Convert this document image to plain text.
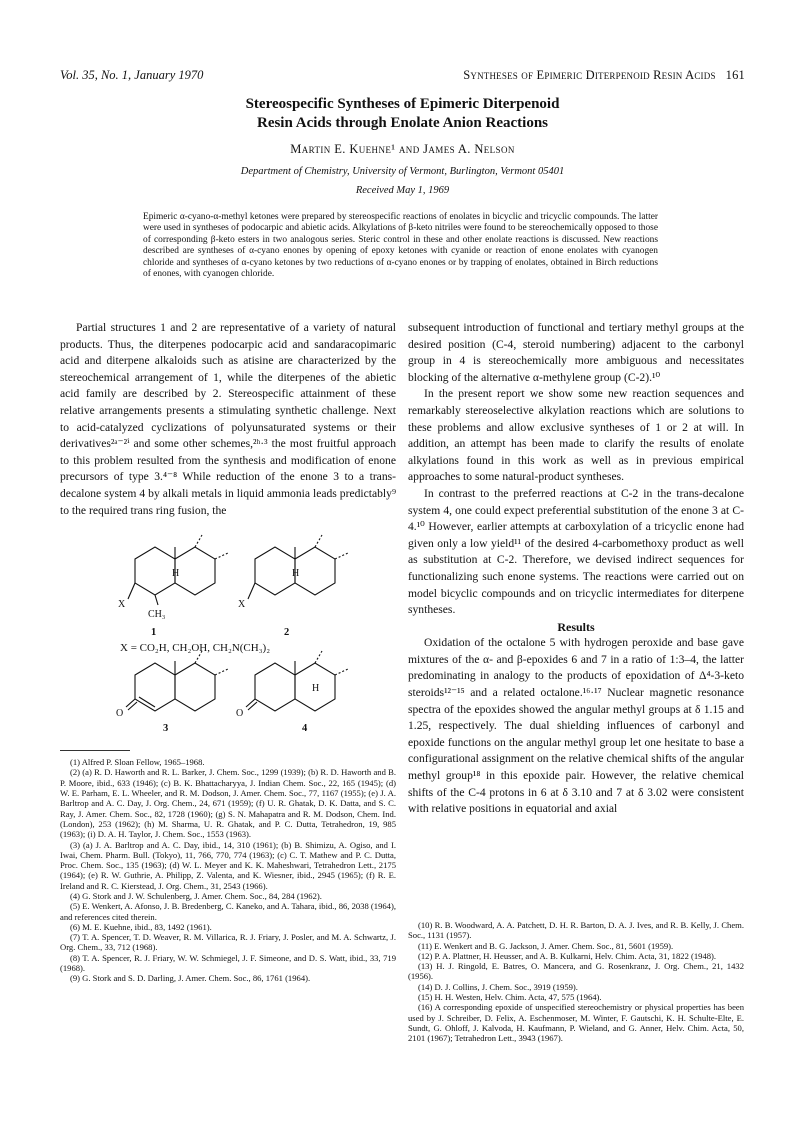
Vol. 35, No. 1, January 1970	Syntheses of Epimeric Diterpenoid Resin Acids 161
Stereospecific Syntheses of Epimeric Diterpenoid
Resin Acids through Enolate Anion Reactions
Martin E. Kuehne¹ and James A. Nelson
Department of Chemistry, University of Vermont, Burlington, Vermont 05401
Received May 1, 1969
Epimeric α-cyano-α-methyl ketones were prepared by stereospecific reactions of enolates in bicyclic and tricyclic compounds. The latter were used in syntheses of podocarpic and abietic acids. Alkylations of β-keto nitriles were found to be stereochemically opposed to those of corresponding β-keto esters in two analogous series. Steric control in these and other enolate reactions is discussed. New reactions described are syntheses of α-cyano enones by opening of epoxy ketones with cyanide or reaction of enone enolates with cyanogen chloride and syntheses of α-cyano ketones by two reductions of α-cyano enones or by trapping of enolates, obtained in Birch reductions of enones, with cyanogen chloride.

Partial structures 1 and 2 are representative of a variety of natural products. Thus, the diterpenes podocarpic acid and sandaracopimaric acid and diterpene alkaloids such as atisine are characterized by the stereochemical arrangement of 1, while the diterpenes of the abietic acid family are described by 2. Stereospecific attainment of these relative arrangements presents a stimulating synthetic challenge. Next to acid-catalyzed cyclizations of polyunsaturated systems or their derivatives²ᵃ⁻²ⁱ and some other schemes,²ʰ·³ the most fruitful approach to this problem resulted from the synthesis and modification of enone precursors of type 3.⁴⁻⁸ While reduction of the enone 3 to a trans-decalone system 4 by alkali metals in liquid ammonia leads predictably⁹ to the required trans ring fusion, the

H	H
H
X
CH₃
X
O	O
1	2
3	4
X = CO₂H, CH₂OH, CH₂N(CH₃)₂
(1) Alfred P. Sloan Fellow, 1965–1968.
(2) (a) R. D. Haworth and R. L. Barker, J. Chem. Soc., 1299 (1939); (b) R. D. Haworth and B. P. Moore, ibid., 633 (1946); (c) B. K. Bhattacharyya, J. Indian Chem. Soc., 22, 165 (1945); (d) W. E. Parham, E. L. Wheeler, and R. M. Dodson, J. Amer. Chem. Soc., 77, 1167 (1955); (e) J. A. Barltrop and A. C. Day, J. Org. Chem., 24, 671 (1959); (f) U. R. Ghatak, D. K. Datta, and S. C. Ray, J. Amer. Chem. Soc., 82, 1728 (1960); (g) S. N. Mahapatra and R. M. Dodson, Chem. Ind. (London), 253 (1962); (h) M. Sharma, U. R. Ghatak, and P. C. Dutta, Tetrahedron, 19, 985 (1963); (i) D. A. H. Taylor, J. Chem. Soc., 1553 (1963).
(3) (a) J. A. Barltrop and A. C. Day, ibid., 14, 310 (1961); (b) B. Shimizu, A. Ogiso, and I. Iwai, Chem. Pharm. Bull. (Tokyo), 11, 766, 770, 774 (1963); (c) C. T. Mathew and P. C. Dutta, Proc. Chem. Soc., 135 (1963); (d) W. L. Meyer and K. K. Maheshwari, Tetrahedron Lett., 2175 (1964); (e) R. W. Guthrie, A. Philipp, Z. Valenta, and K. Wiesner, ibid., 2945 (1965); (f) R. E. Ireland and R. C. Kierstead, J. Org. Chem., 31, 2543 (1966).
(4) G. Stork and J. W. Schulenberg, J. Amer. Chem. Soc., 84, 284 (1962).
(5) E. Wenkert, A. Afonso, J. B. Bredenberg, C. Kaneko, and A. Tahara, ibid., 86, 2038 (1964), and references cited therein.
(6) M. E. Kuehne, ibid., 83, 1492 (1961).
(7) T. A. Spencer, T. D. Weaver, R. M. Villarica, R. J. Friary, J. Posler, and M. A. Schwartz, J. Org. Chem., 33, 712 (1968).
(8) T. A. Spencer, R. J. Friary, W. W. Schmiegel, J. F. Simeone, and D. S. Watt, ibid., 33, 719 (1968).
(9) G. Stork and S. D. Darling, J. Amer. Chem. Soc., 86, 1761 (1964).

subsequent introduction of functional and tertiary methyl groups at the desired position (C-4, steroid numbering) adjacent to the carbonyl group in 4 is stereochemically more ambiguous and necessitates blocking of the alternative α-methylene group (C-2).¹⁰

In the present report we show some new reaction sequences and remarkably stereoselective alkylation reactions which are solutions to these problems and allow exclusive syntheses of 1 or 2 at will. In addition, an attempt has been made to clarify the results of enolate alkylations found in this work as well as in previous empirical approaches to some natural-product syntheses.

In contrast to the preferred reactions at C-2 in the trans-decalone system 4, one could expect preferential substitution of the enone 3 at C-4.¹⁰ However, earlier attempts at carboxylation of a tricyclic enone had given only a low yield¹¹ of the desired 4-carbomethoxy product as well as substitution at C-2. Therefore, we devised indirect sequences for functionalizing such enone systems. The reactions were carried out on model bicyclic compounds and on tricyclic intermediates for diterpene syntheses.

Results

Oxidation of the octalone 5 with hydrogen peroxide and base gave mixtures of the α- and β-epoxides 6 and 7 in a ratio of 1:3–4, the latter predominating in analogy to the products of epoxidation of Δ⁴-3-keto steroids¹²⁻¹⁵ and a related octalone.¹⁶·¹⁷ Nuclear magnetic resonance spectra of the epoxides showed the angular methyl groups at δ 1.15 and 1.25, respectively. The dual shielding influences of carbonyl and epoxide functions on the angular methyl group let one hesitate to base a configurational assignment on the relative chemical shifts of the angular methyl group¹⁸ in this epoxide pair. However, the relative chemical shifts of the C-4 protons in 6 at δ 3.10 and 7 at δ 3.02 were consistent with relative positions in equatorial and axial

(10) R. B. Woodward, A. A. Patchett, D. H. R. Barton, D. A. J. Ives, and R. B. Kelly, J. Chem. Soc., 1131 (1957).
(11) E. Wenkert and B. G. Jackson, J. Amer. Chem. Soc., 81, 5601 (1959).
(12) P. A. Plattner, H. Heusser, and A. B. Kulkarni, Helv. Chim. Acta, 31, 1822 (1948).
(13) H. J. Ringold, E. Batres, O. Mancera, and G. Rosenkranz, J. Org. Chem., 21, 1432 (1956).
(14) D. J. Collins, J. Chem. Soc., 3919 (1959).
(15) H. H. Westen, Helv. Chim. Acta, 47, 575 (1964).
(16) A corresponding epoxide of unspecified stereochemistry or physical properties has been used by J. Schreiber, D. Felix, A. Eschenmoser, M. Winter, F. Gautschi, K. H. Schulte-Elte, E. Sundt, G. Ohloff, J. Kalvoda, H. Kaufmann, P. Wieland, and G. Anner, Helv. Chim. Acta, 50, 2101 (1967); Tetrahedron Lett., 3943 (1967).
